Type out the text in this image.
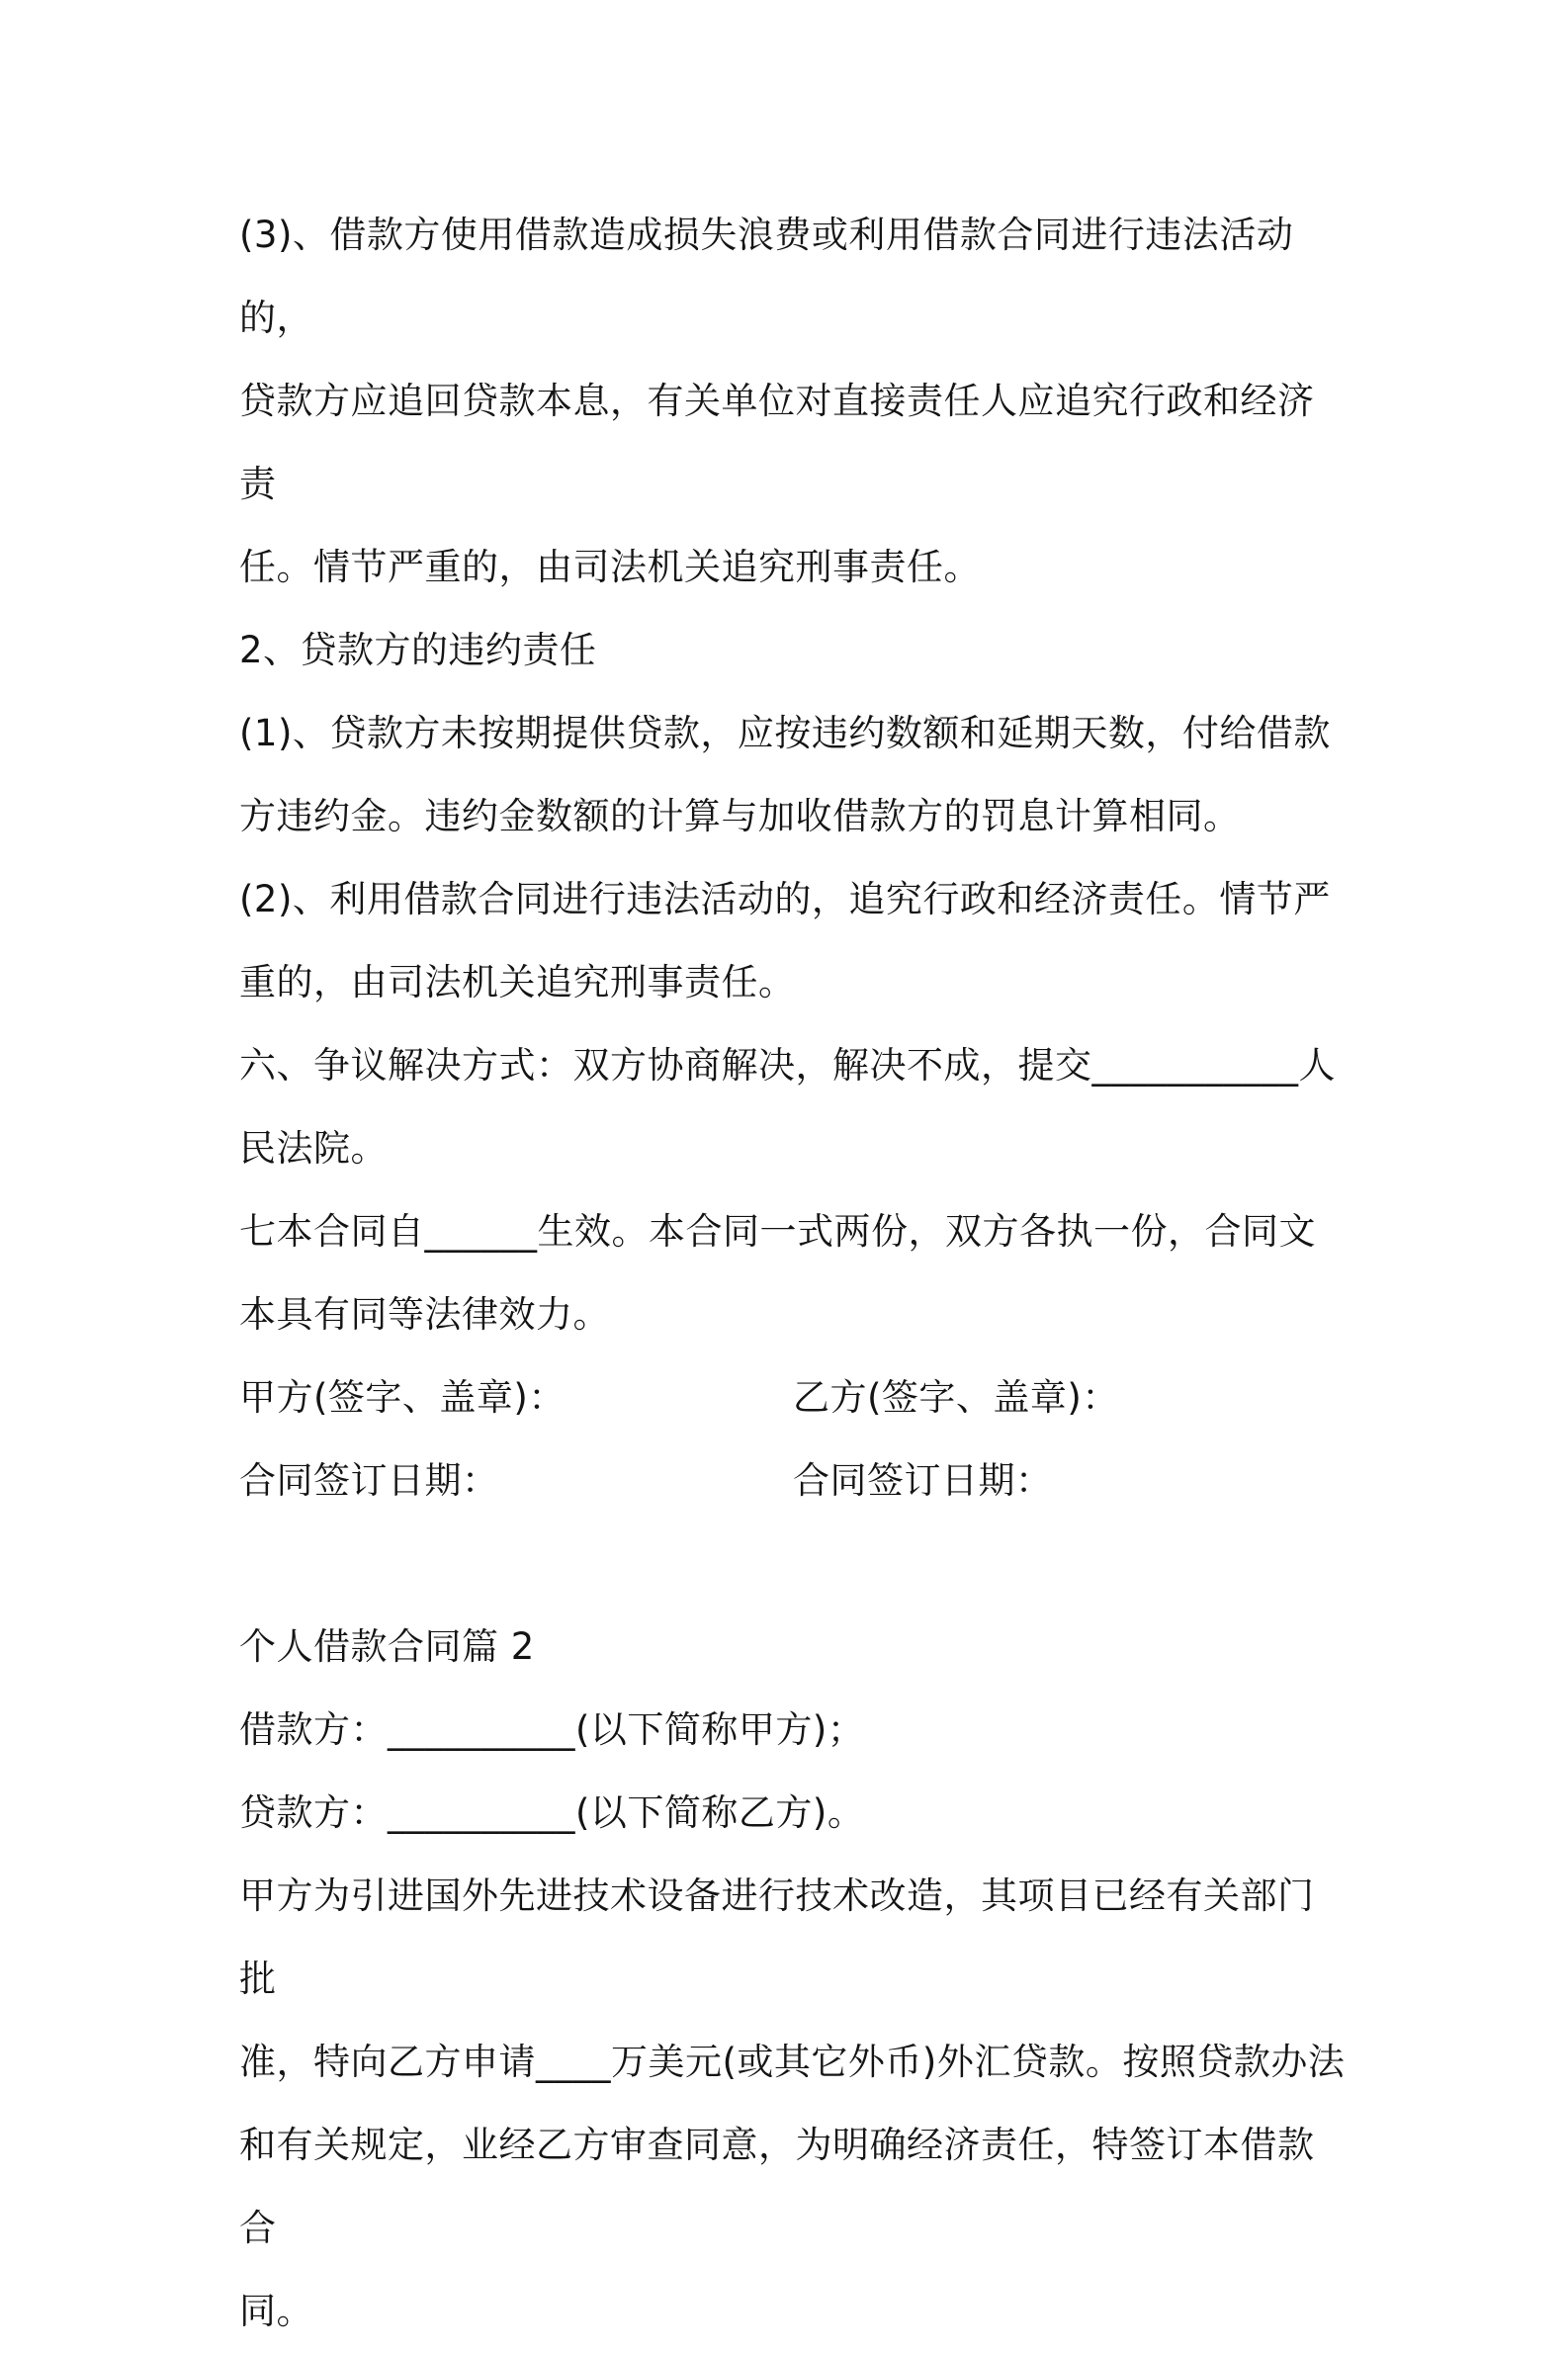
(3)、借款方使用借款造成损失浪费或利用借款合同进行违法活动的，

贷款方应追回贷款本息，有关单位对直接责任人应追究行政和经济责

任。情节严重的，由司法机关追究刑事责任。

2、贷款方的违约责任

(1)、贷款方未按期提供贷款，应按违约数额和延期天数，付给借款

方违约金。违约金数额的计算与加收借款方的罚息计算相同。

(2)、利用借款合同进行违法活动的，追究行政和经济责任。情节严

重的，由司法机关追究刑事责任。

六、争议解决方式：双方协商解决，解决不成，提交___________人

民法院。

七本合同自______生效。本合同一式两份，双方各执一份，合同文

本具有同等法律效力。

甲方(签字、盖章)：	乙方(签字、盖章)：
合同签订日期：	合同签订日期：

个人借款合同篇 2

借款方：__________(以下简称甲方)；

贷款方：__________(以下简称乙方)。

甲方为引进国外先进技术设备进行技术改造，其项目已经有关部门批

准，特向乙方申请____万美元(或其它外币)外汇贷款。按照贷款办法

和有关规定，业经乙方审查同意，为明确经济责任，特签订本借款合

同。
